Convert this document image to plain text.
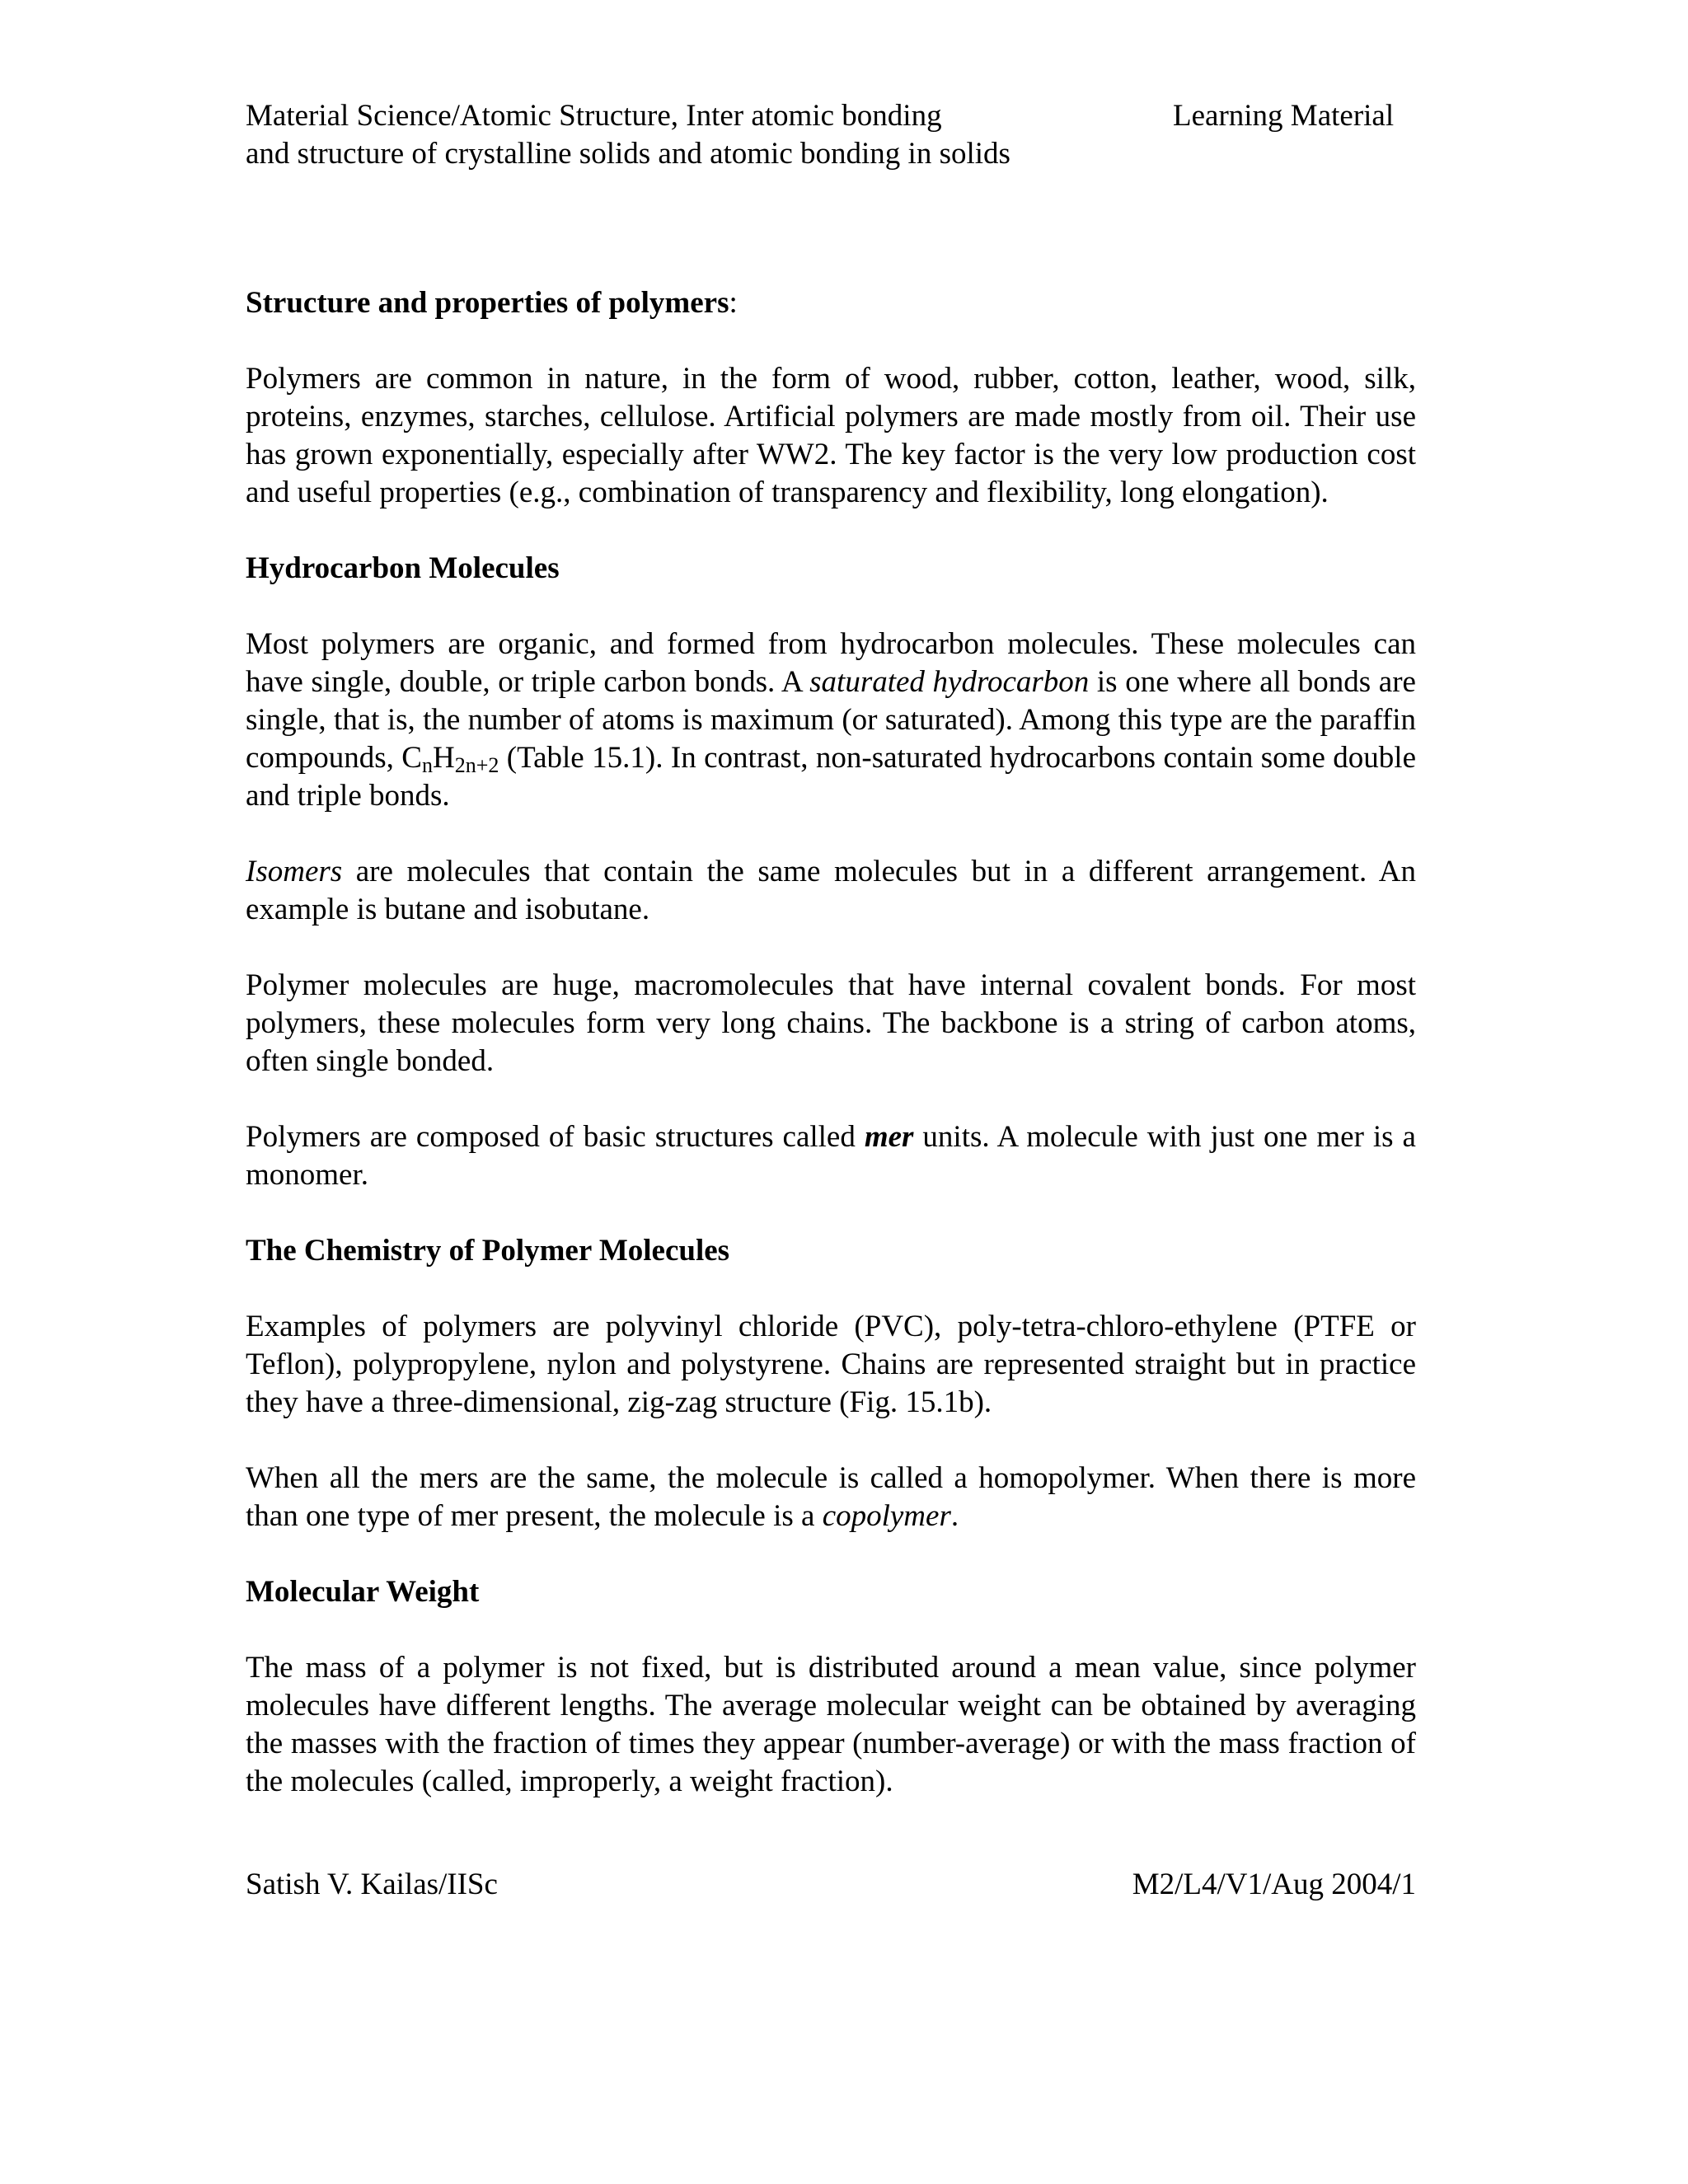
Material Science/Atomic Structure, Inter atomic bonding
and structure of crystalline solids and atomic bonding in solids
Learning Material
Structure and properties of polymers:

Polymers are common in nature, in the form of wood, rubber, cotton, leather, wood, silk, proteins, enzymes, starches, cellulose. Artificial polymers are made mostly from oil. Their use has grown exponentially, especially after WW2. The key factor is the very low production cost and useful properties (e.g., combination of transparency and flexibility, long elongation).

Hydrocarbon Molecules

Most polymers are organic, and formed from hydrocarbon molecules. These molecules can have single, double, or triple carbon bonds. A saturated hydrocarbon is one where all bonds are single, that is, the number of atoms is maximum (or saturated). Among this type are the paraffin compounds, $C_nH_{2n+2}$ (Table 15.1). In contrast, non-saturated hydrocarbons contain some double and triple bonds.

Isomers are molecules that contain the same molecules but in a different arrangement. An example is butane and isobutane.

Polymer molecules are huge, macromolecules that have internal covalent bonds. For most polymers, these molecules form very long chains. The backbone is a string of carbon atoms, often single bonded.

Polymers are composed of basic structures called mer units. A molecule with just one mer is a monomer.

The Chemistry of Polymer Molecules

Examples of polymers are polyvinyl chloride (PVC), poly-tetra-chloro-ethylene (PTFE or Teflon), polypropylene, nylon and polystyrene. Chains are represented straight but in practice they have a three-dimensional, zig-zag structure (Fig. 15.1b).

When all the mers are the same, the molecule is called a homopolymer. When there is more than one type of mer present, the molecule is a copolymer.

Molecular Weight

The mass of a polymer is not fixed, but is distributed around a mean value, since polymer molecules have different lengths. The average molecular weight can be obtained by averaging the masses with the fraction of times they appear (number-average) or with the mass fraction of the molecules (called, improperly, a weight fraction).

Satish V. Kailas/IISc	M2/L4/V1/Aug 2004/1
